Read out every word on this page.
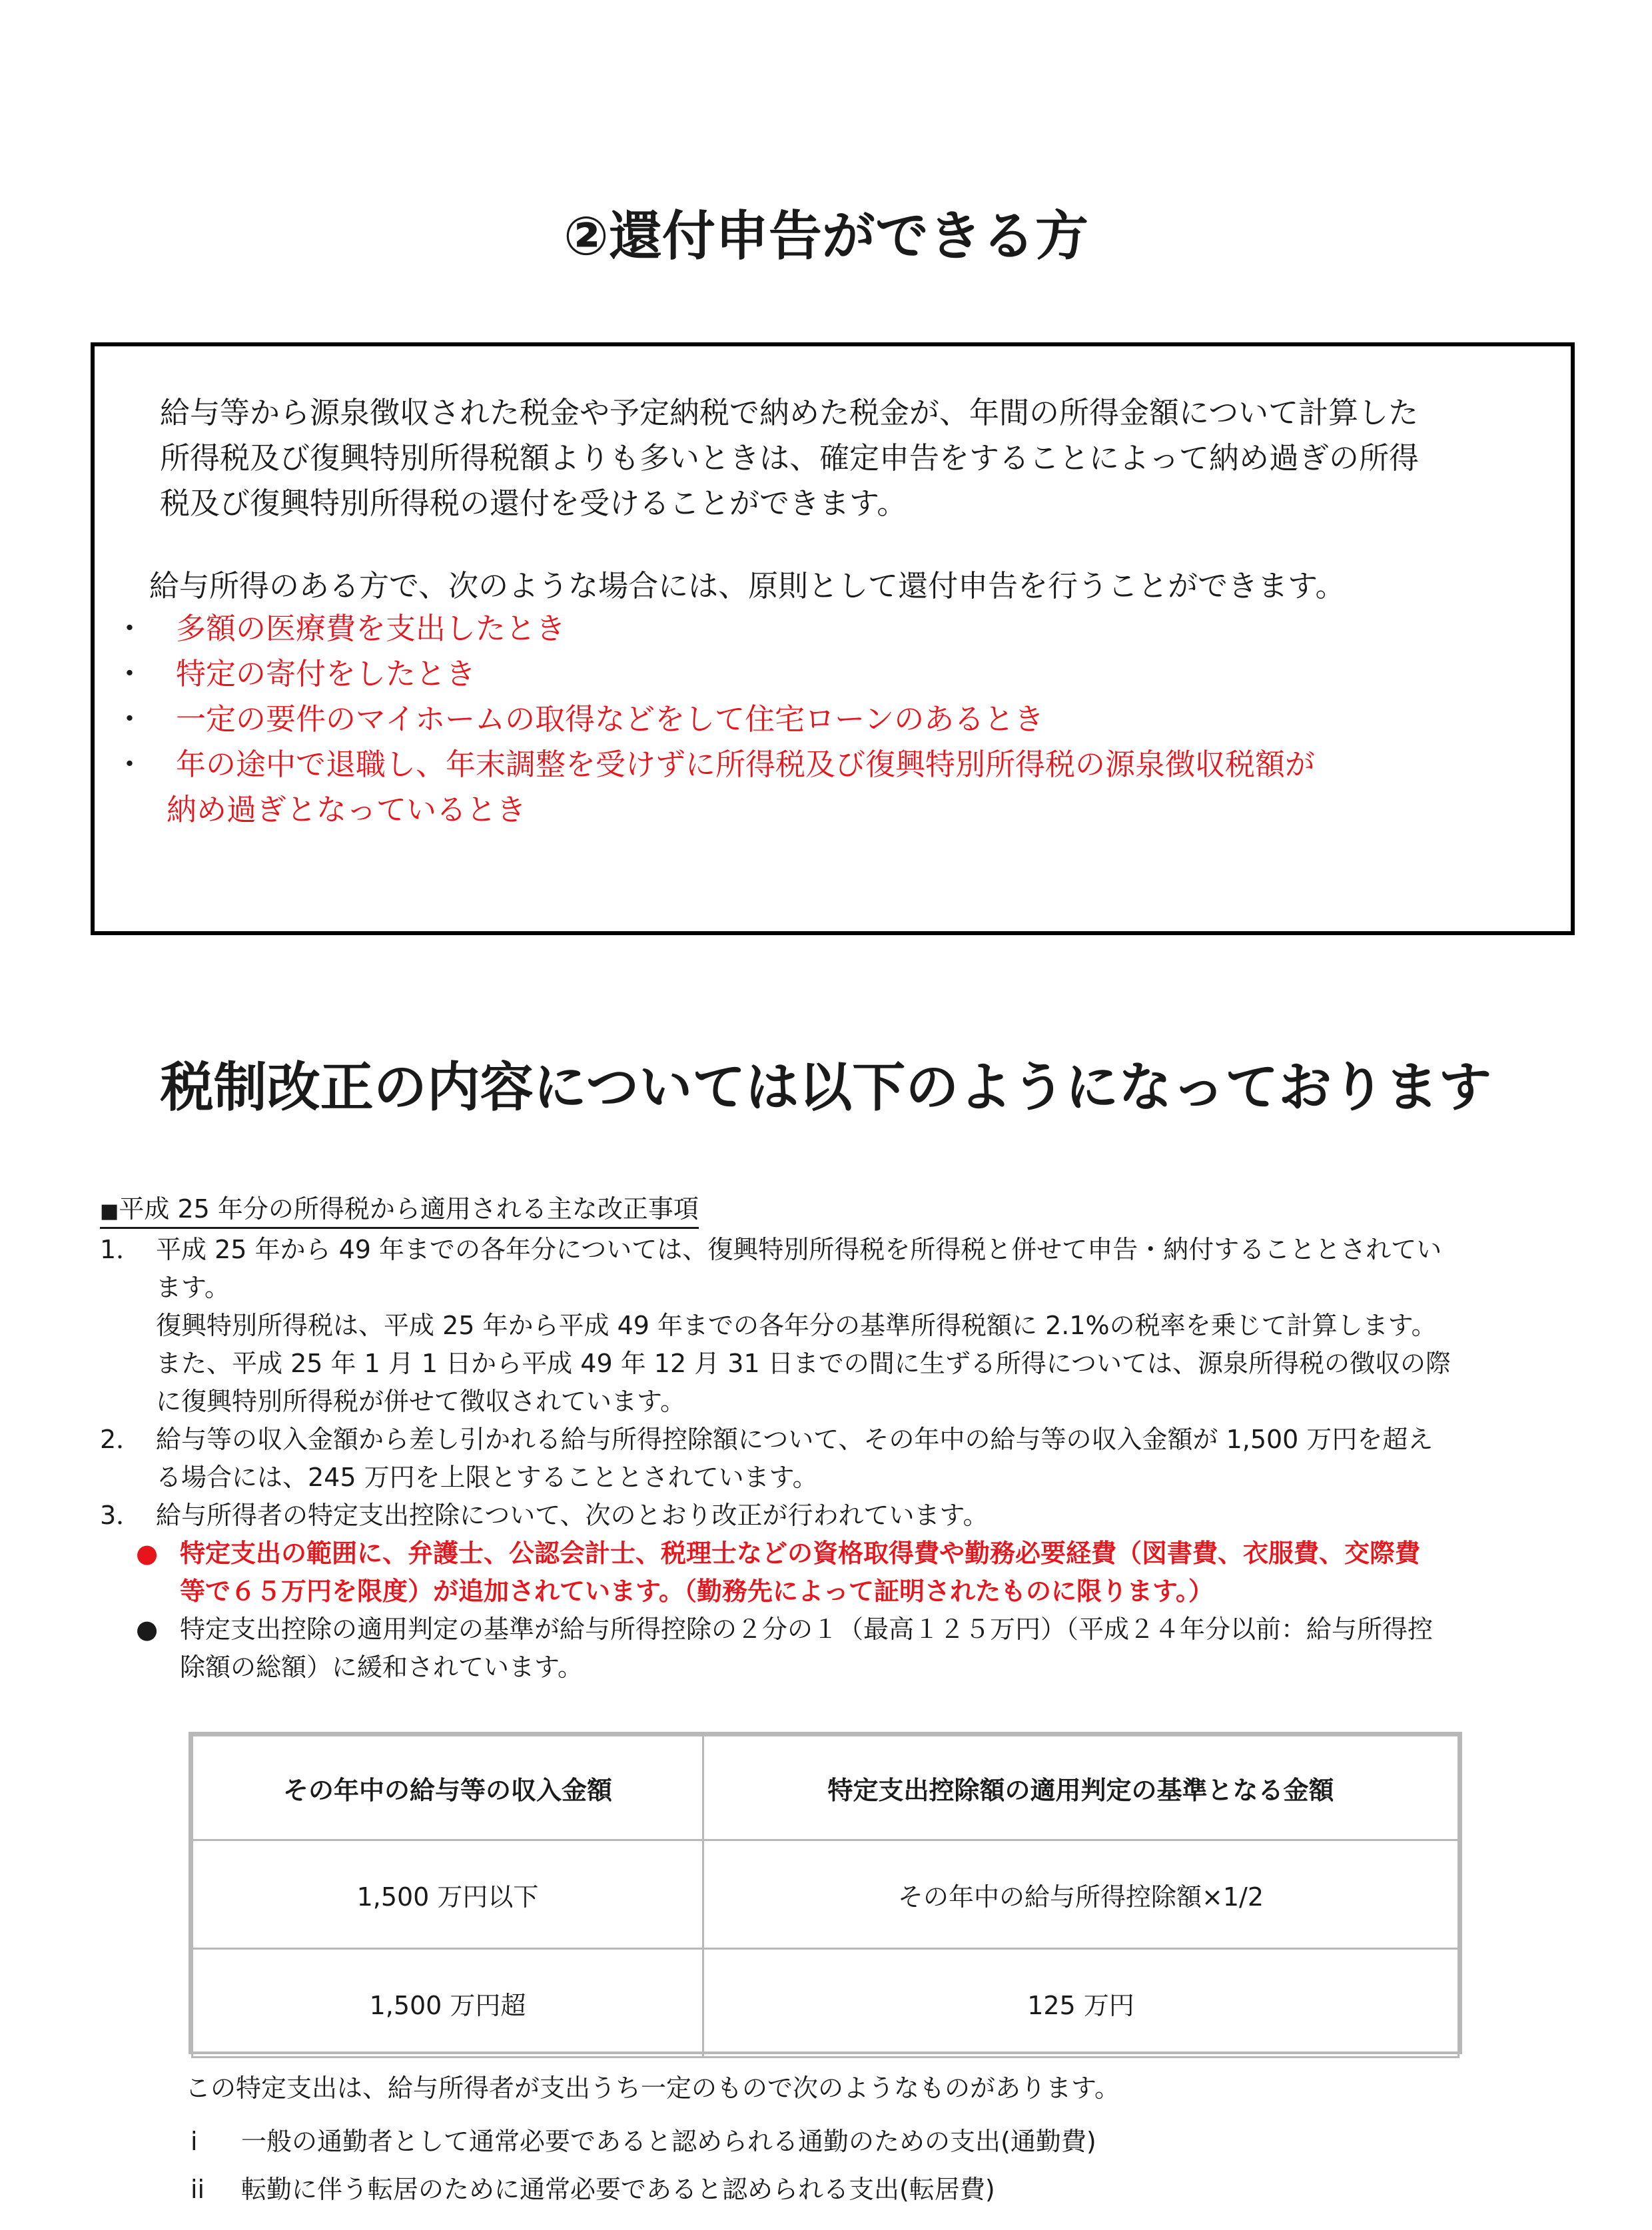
②還付申告ができる方

給与等から源泉徴収された税金や予定納税で納めた税金が、年間の所得金額について計算した
所得税及び復興特別所得税額よりも多いときは、確定申告をすることによって納め過ぎの所得
税及び復興特別所得税の還付を受けることができます。

給与所得のある方で、次のような場合には、原則として還付申告を行うことができます。

・ 多額の医療費を支出したとき
・ 特定の寄付をしたとき
・ 一定の要件のマイホームの取得などをして住宅ローンのあるとき
・ 年の途中で退職し、年末調整を受けずに所得税及び復興特別所得税の源泉徴収税額が
納め過ぎとなっているとき
税制改正の内容については以下のようになっております

■平成 25 年分の所得税から適用される主な改正事項

1． 平成 25 年から 49 年までの各年分については、復興特別所得税を所得税と併せて申告・納付することとされてい
ます。
復興特別所得税は、平成 25 年から平成 49 年までの各年分の基準所得税額に 2.1%の税率を乗じて計算します。
また、平成 25 年 1 月 1 日から平成 49 年 12 月 31 日までの間に生ずる所得については、源泉所得税の徴収の際
に復興特別所得税が併せて徴収されています。
2． 給与等の収入金額から差し引かれる給与所得控除額について、その年中の給与等の収入金額が 1,500 万円を超え
る場合には、245 万円を上限とすることとされています。
3． 給与所得者の特定支出控除について、次のとおり改正が行われています。
● 特定支出の範囲に、弁護士、公認会計士、税理士などの資格取得費や勤務必要経費（図書費、衣服費、交際費
等で６５万円を限度）が追加されています。（勤務先によって証明されたものに限ります。）
● 特定支出控除の適用判定の基準が給与所得控除の２分の１（最高１２５万円）（平成２４年分以前：給与所得控
除額の総額）に緩和されています。
その年中の給与等の収入金額	特定支出控除額の適用判定の基準となる金額
1,500 万円以下	その年中の給与所得控除額×1/2
1,500 万円超	125 万円

この特定支出は、給与所得者が支出うち一定のもので次のようなものがあります。

i 一般の通勤者として通常必要であると認められる通勤のための支出(通勤費)
ii 転勤に伴う転居のために通常必要であると認められる支出(転居費)
